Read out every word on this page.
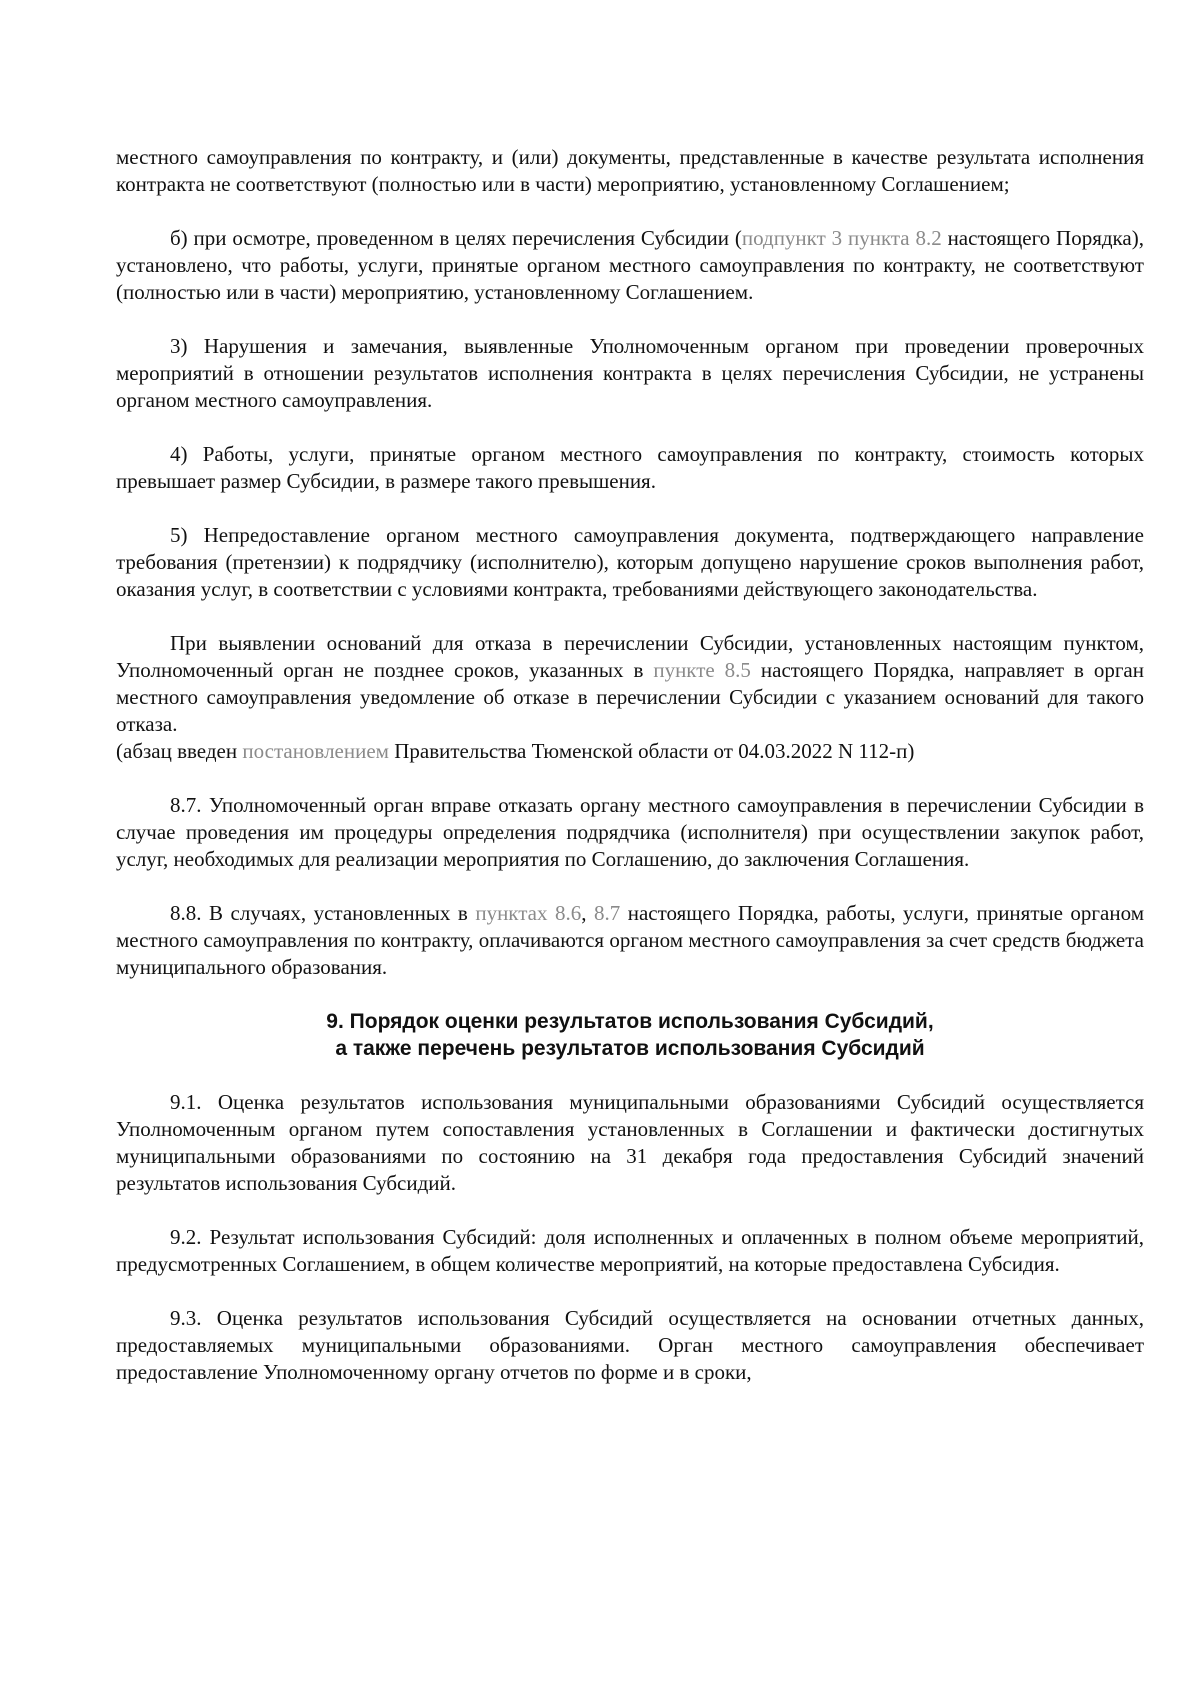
местного самоуправления по контракту, и (или) документы, представленные в качестве результата исполнения контракта не соответствуют (полностью или в части) мероприятию, установленному Соглашением;

б) при осмотре, проведенном в целях перечисления Субсидии (подпункт 3 пункта 8.2 настоящего Порядка), установлено, что работы, услуги, принятые органом местного самоуправления по контракту, не соответствуют (полностью или в части) мероприятию, установленному Соглашением.

3) Нарушения и замечания, выявленные Уполномоченным органом при проведении проверочных мероприятий в отношении результатов исполнения контракта в целях перечисления Субсидии, не устранены органом местного самоуправления.

4) Работы, услуги, принятые органом местного самоуправления по контракту, стоимость которых превышает размер Субсидии, в размере такого превышения.

5) Непредоставление органом местного самоуправления документа, подтверждающего направление требования (претензии) к подрядчику (исполнителю), которым допущено нарушение сроков выполнения работ, оказания услуг, в соответствии с условиями контракта, требованиями действующего законодательства.

При выявлении оснований для отказа в перечислении Субсидии, установленных настоящим пунктом, Уполномоченный орган не позднее сроков, указанных в пункте 8.5 настоящего Порядка, направляет в орган местного самоуправления уведомление об отказе в перечислении Субсидии с указанием оснований для такого отказа.

(абзац введен постановлением Правительства Тюменской области от 04.03.2022 N 112-п)

8.7. Уполномоченный орган вправе отказать органу местного самоуправления в перечислении Субсидии в случае проведения им процедуры определения подрядчика (исполнителя) при осуществлении закупок работ, услуг, необходимых для реализации мероприятия по Соглашению, до заключения Соглашения.

8.8. В случаях, установленных в пунктах 8.6, 8.7 настоящего Порядка, работы, услуги, принятые органом местного самоуправления по контракту, оплачиваются органом местного самоуправления за счет средств бюджета муниципального образования.

9. Порядок оценки результатов использования Субсидий,
а также перечень результатов использования Субсидий

9.1. Оценка результатов использования муниципальными образованиями Субсидий осуществляется Уполномоченным органом путем сопоставления установленных в Соглашении и фактически достигнутых муниципальными образованиями по состоянию на 31 декабря года предоставления Субсидий значений результатов использования Субсидий.

9.2. Результат использования Субсидий: доля исполненных и оплаченных в полном объеме мероприятий, предусмотренных Соглашением, в общем количестве мероприятий, на которые предоставлена Субсидия.

9.3. Оценка результатов использования Субсидий осуществляется на основании отчетных данных, предоставляемых муниципальными образованиями. Орган местного самоуправления обеспечивает предоставление Уполномоченному органу отчетов по форме и в сроки,
